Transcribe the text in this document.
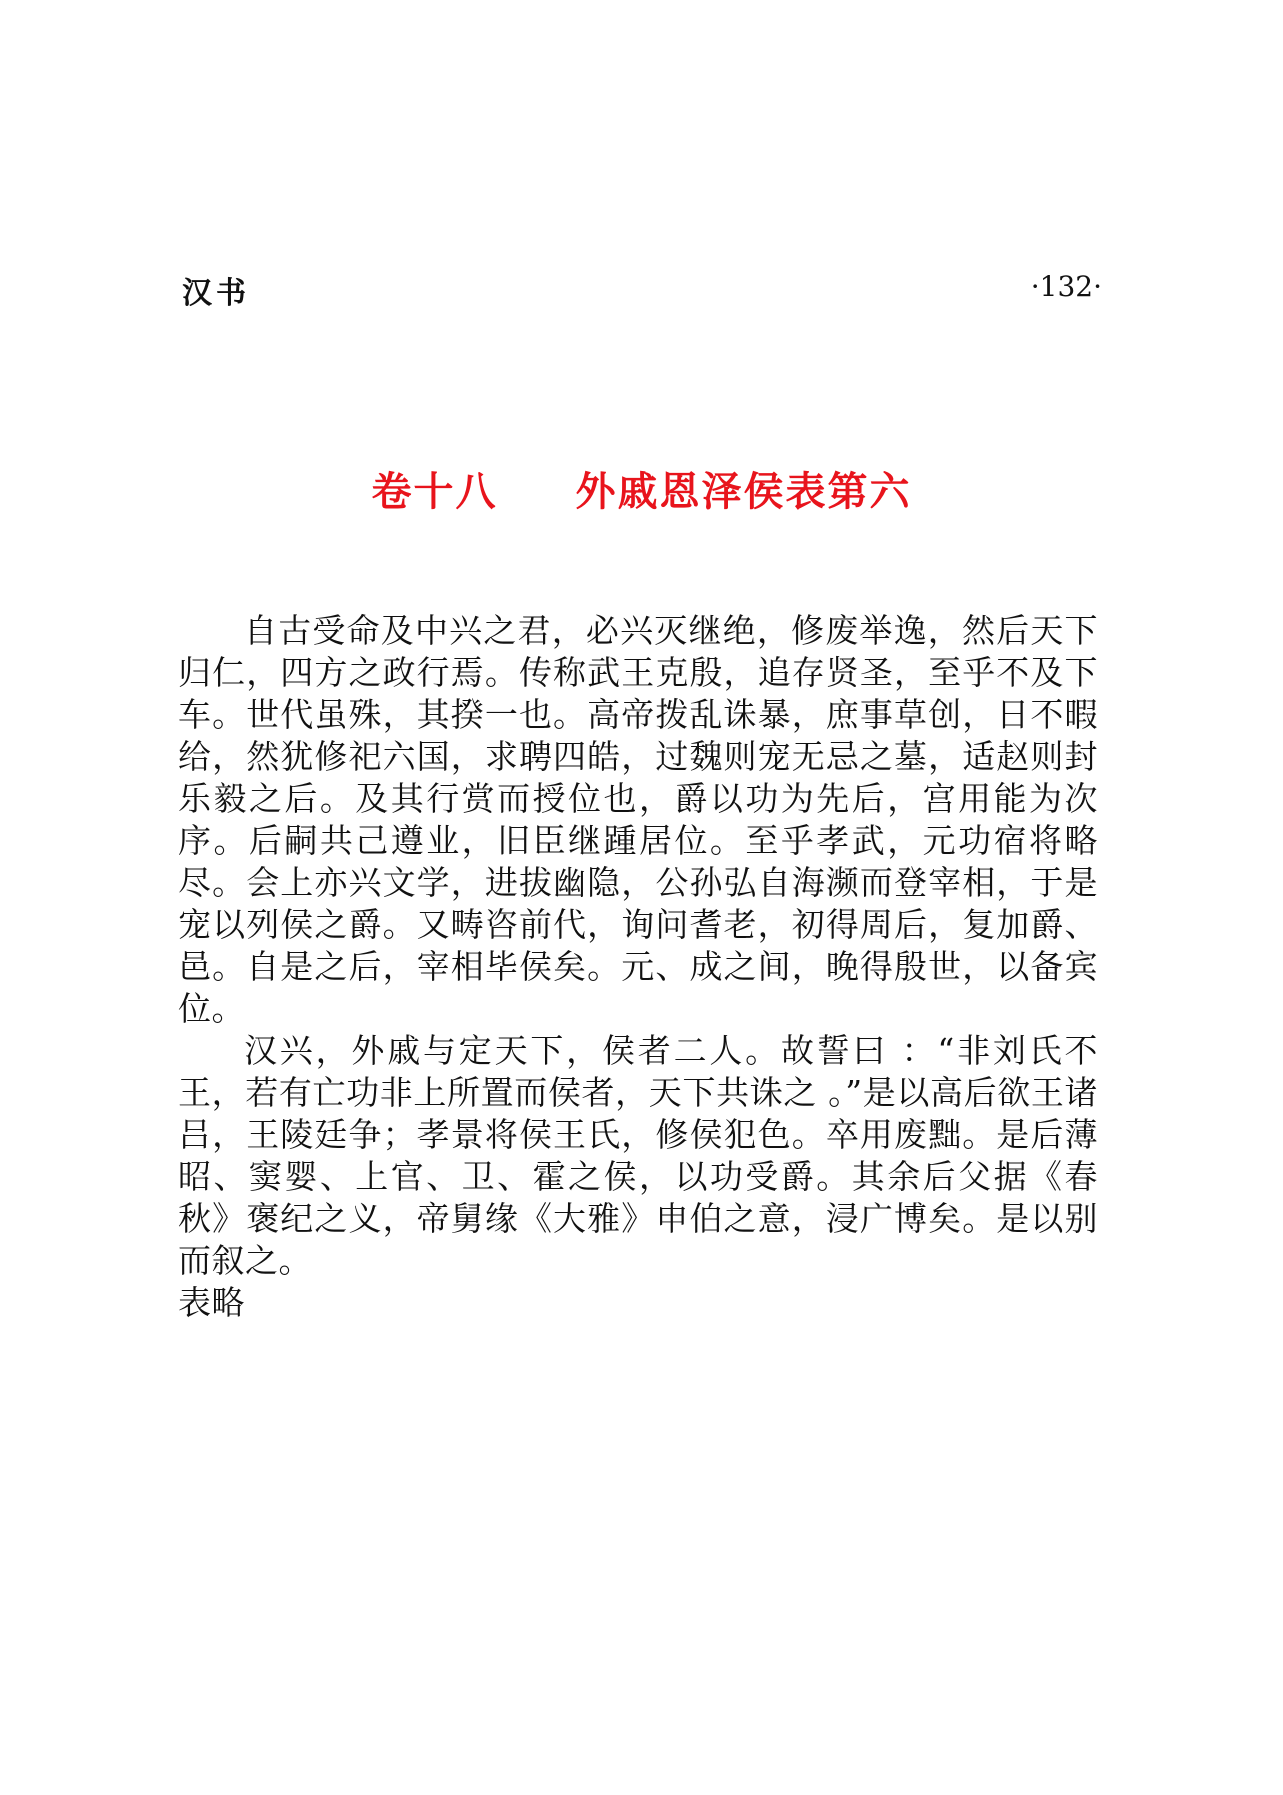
汉书	·132·
卷十八 外戚恩泽侯表第六

自古受命及中兴之君，必兴灭继绝，修废举逸，然后天下归仁，四方之政行焉。传称武王克殷，追存贤圣，至乎不及下车。世代虽殊，其揆一也。高帝拨乱诛暴，庶事草创，日不暇给，然犹修祀六国，求聘四皓，过魏则宠无忌之墓，适赵则封乐毅之后。及其行赏而授位也，爵以功为先后，宫用能为次序。后嗣共己遵业，旧臣继踵居位。至乎孝武，元功宿将略尽。会上亦兴文学，进拔幽隐，公孙弘自海濒而登宰相，于是宠以列侯之爵。又畴咨前代，询问耆老，初得周后，复加爵、邑。自是之后，宰相毕侯矣。元、成之间，晚得殷世，以备宾位。

汉兴，外戚与定天下，侯者二人。故誓曰 ：“非刘氏不王，若有亡功非上所置而侯者，天下共诛之 。”是以高后欲王诸吕，王陵廷争；孝景将侯王氏，修侯犯色。卒用废黜。是后薄昭、窦婴、上官、卫、霍之侯，以功受爵。其余后父据《春秋》褒纪之义，帝舅缘《大雅》申伯之意，浸广博矣。是以别而叙之。

表略
